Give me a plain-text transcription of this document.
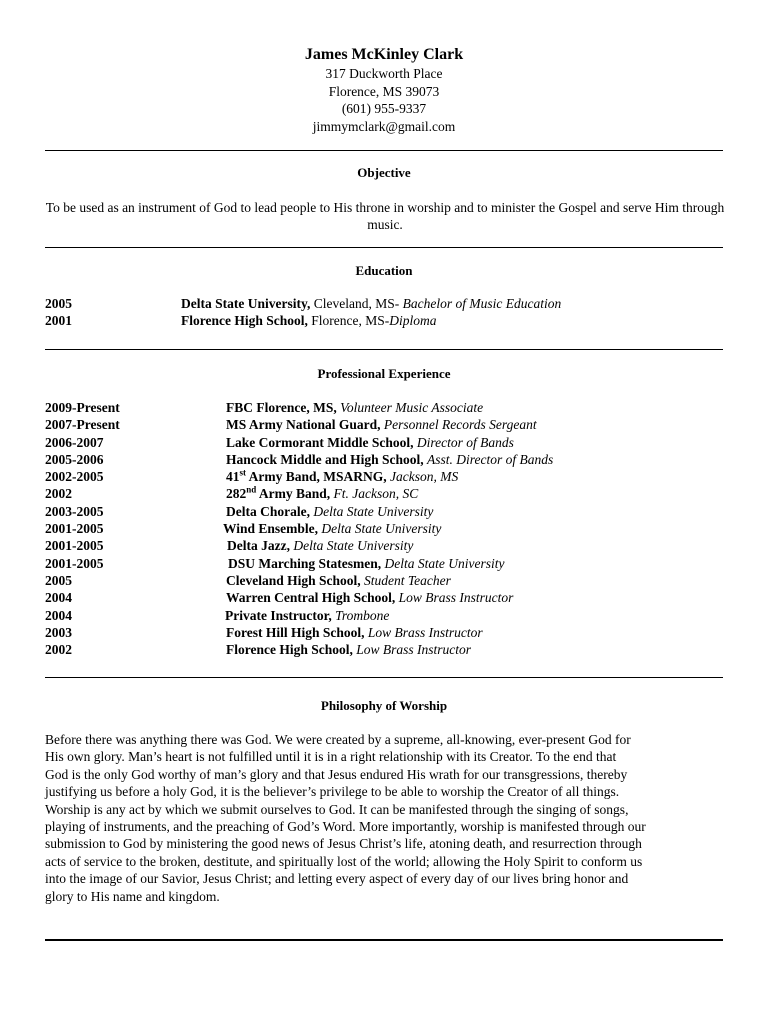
James McKinley Clark
317 Duckworth Place
Florence, MS 39073
(601) 955-9337
jimmymclark@gmail.com
Objective
To be used as an instrument of God to lead people to His throne in worship and to minister the Gospel and serve Him through music.
Education
2005	Delta State University, Cleveland, MS- Bachelor of Music Education
2001	Florence High School, Florence, MS-Diploma
Professional Experience
2009-Present	FBC Florence, MS, Volunteer Music Associate
2007-Present	MS Army National Guard, Personnel Records Sergeant
2006-2007	Lake Cormorant Middle School, Director of Bands
2005-2006	Hancock Middle and High School, Asst. Director of Bands
2002-2005	41st Army Band, MSARNG, Jackson, MS
2002	282nd Army Band, Ft. Jackson, SC
2003-2005	Delta Chorale, Delta State University
2001-2005	Wind Ensemble, Delta State University
2001-2005	Delta Jazz, Delta State University
2001-2005	DSU Marching Statesmen, Delta State University
2005	Cleveland High School, Student Teacher
2004	Warren Central High School, Low Brass Instructor
2004	Private Instructor, Trombone
2003	Forest Hill High School, Low Brass Instructor
2002	Florence High School, Low Brass Instructor
Philosophy of Worship
Before there was anything there was God. We were created by a supreme, all-knowing, ever-present God for
His own glory. Man’s heart is not fulfilled until it is in a right relationship with its Creator. To the end that
God is the only God worthy of man’s glory and that Jesus endured His wrath for our transgressions, thereby
justifying us before a holy God, it is the believer’s privilege to be able to worship the Creator of all things.
Worship is any act by which we submit ourselves to God. It can be manifested through the singing of songs,
playing of instruments, and the preaching of God’s Word. More importantly, worship is manifested through our
submission to God by ministering the good news of Jesus Christ’s life, atoning death, and resurrection through
acts of service to the broken, destitute, and spiritually lost of the world; allowing the Holy Spirit to conform us
into the image of our Savior, Jesus Christ; and letting every aspect of every day of our lives bring honor and
glory to His name and kingdom.
